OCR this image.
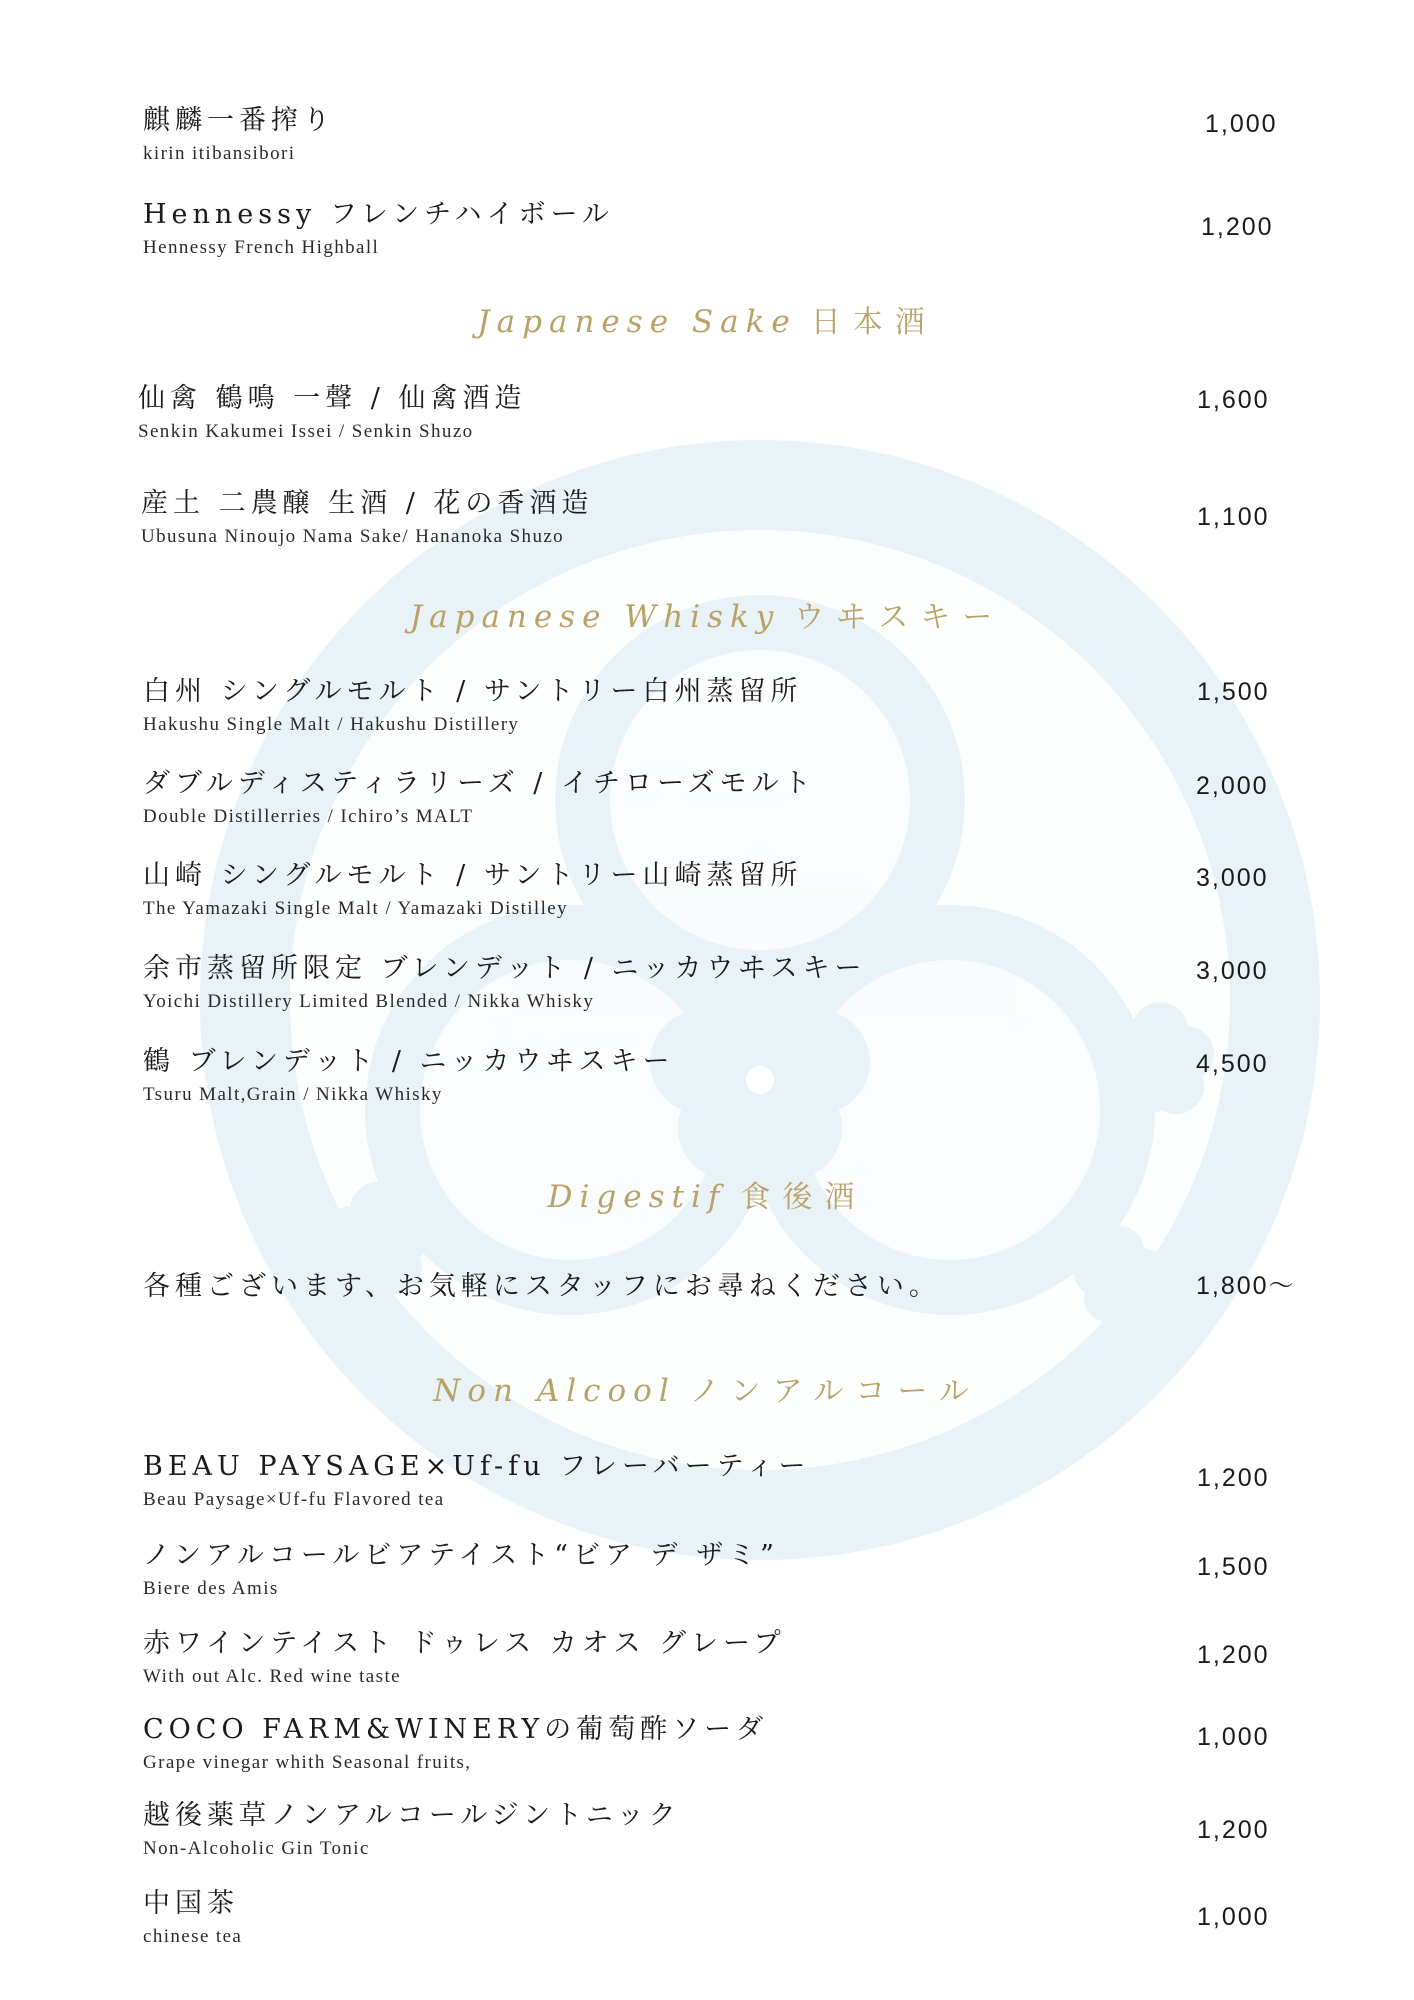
麒麟一番搾り
kirin itibansibori
1,000
Hennessy フレンチハイボール
Hennessy French Highball
1,200
Japanese Sake 日本酒
仙禽 鶴鳴 一聲 / 仙禽酒造
Senkin Kakumei Issei / Senkin Shuzo
1,600
産土 二農醸 生酒 / 花の香酒造
Ubusuna Ninoujo Nama Sake/ Hananoka Shuzo
1,100
Japanese Whisky ウヰスキー
白州 シングルモルト / サントリー白州蒸留所
Hakushu Single Malt / Hakushu Distillery
1,500
ダブルディスティラリーズ / イチローズモルト
Double Distillerries / Ichiro’s MALT
2,000
山崎 シングルモルト / サントリー山崎蒸留所
The Yamazaki Single Malt / Yamazaki Distilley
3,000
余市蒸留所限定 ブレンデット / ニッカウヰスキー
Yoichi Distillery Limited Blended / Nikka Whisky
3,000
鶴 ブレンデット / ニッカウヰスキー
Tsuru Malt,Grain / Nikka Whisky
4,500
Digestif 食後酒
各種ございます、お気軽にスタッフにお尋ねください。	1,800～
Non Alcool ノンアルコール
BEAU PAYSAGE×Uf-fu フレーバーティー
Beau Paysage×Uf-fu Flavored tea
1,200
ノンアルコールビアテイスト“ビア デ ザミ”
Biere des Amis
1,500
赤ワインテイスト ドゥレス カオス グレープ
With out Alc. Red wine taste
1,200
COCO FARM&WINERYの葡萄酢ソーダ
Grape vinegar whith Seasonal fruits,
1,000
越後薬草ノンアルコールジントニック
Non-Alcoholic Gin Tonic
1,200
中国茶
chinese tea
1,000
